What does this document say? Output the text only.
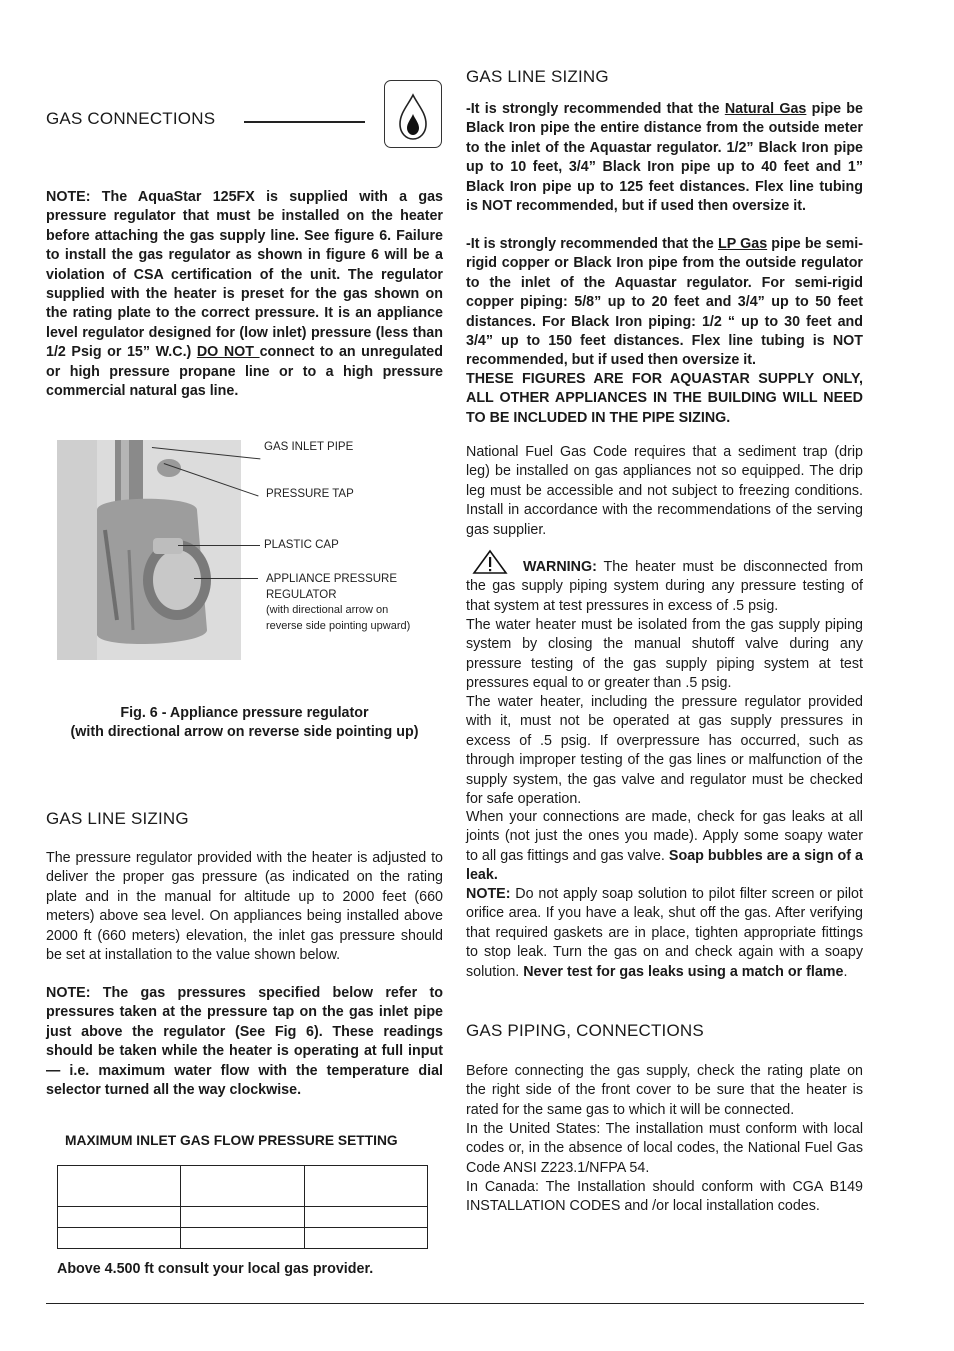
GAS CONNECTIONS

NOTE: The AquaStar 125FX is supplied with a gas pressure regulator that must be installed on the heater before attaching the gas supply line. See figure 6. Failure to install the gas regulator as shown in figure 6 will be a violation of CSA certification of the unit. The regulator supplied with the heater is preset for the gas shown on the rating plate to the correct pressure. It is an appliance level regulator designed for (low inlet) pressure (less than 1/2 Psig or 15” W.C.) DO NOT connect to an unregulated or high pressure propane line or to a high pressure commercial natural gas line.

GAS INLET PIPE
PRESSURE TAP
PLASTIC CAP
APPLIANCE PRESSURE
REGULATOR
(with directional arrow on
reverse side pointing upward)
Fig. 6 - Appliance pressure regulator
(with directional arrow on reverse side pointing up)
GAS LINE SIZING

The pressure regulator provided with the heater is adjusted to deliver the proper gas pressure (as indicated on the rating plate and in the manual for altitude up to 2000 feet (660 meters) above sea level. On appliances being installed above 2000 ft (660 meters) elevation, the inlet gas pressure should be set at installation to the value shown below.

NOTE: The gas pressures specified below refer to pressures taken at the pressure tap on the gas inlet pipe just above the regulator (See Fig 6). These readings should be taken while the heater is operating at full input — i.e. maximum water flow with the temperature dial selector turned all the way clockwise.

MAXIMUM INLET GAS FLOW PRESSURE SETTING

Above 4.500 ft consult your local gas provider.
GAS LINE SIZING

-It is strongly recommended that the Natural Gas pipe be Black Iron pipe the entire distance from the outside meter to the inlet of the Aquastar regulator. 1/2” Black Iron pipe up to 10 feet, 3/4” Black Iron pipe up to 40 feet and 1” Black Iron pipe up to 125 feet distances. Flex line tubing is NOT recommended, but if used then oversize it.

-It is strongly recommended that the LP Gas pipe be semi-rigid copper or Black Iron pipe from the outside regulator to the inlet of the Aquastar regulator. For semi-rigid copper piping: 5/8” up to 20 feet and 3/4” up to 50 feet distances. For Black Iron piping: 1/2 “ up to 30 feet and 3/4” up to 150 feet distances. Flex line tubing is NOT recommended, but if used then oversize it.

THESE FIGURES ARE FOR AQUASTAR SUPPLY ONLY, ALL OTHER APPLIANCES IN THE BUILDING WILL NEED TO BE INCLUDED IN THE PIPE SIZING.

National Fuel Gas Code requires that a sediment trap (drip leg) be installed on gas appliances not so equipped. The drip leg must be accessible and not subject to freezing conditions. Install in accordance with the recommendations of the serving gas supplier.

WARNING: The heater must be disconnected from the gas supply piping system during any pressure testing of that system at test pressures in excess of .5 psig.

The water heater must be isolated from the gas supply piping system by closing the manual shutoff valve during any pressure testing of the gas supply piping system at test pressures equal to or greater than .5 psig.

The water heater, including the pressure regulator provided with it, must not be operated at gas supply pressures in excess of .5 psig. If overpressure has occurred, such as through improper testing of the gas lines or malfunction of the supply system, the gas valve and regulator must be checked for safe operation.

When your connections are made, check for gas leaks at all joints (not just the ones you made). Apply some soapy water to all gas fittings and gas valve. Soap bubbles are a sign of a leak.

NOTE: Do not apply soap solution to pilot filter screen or pilot orifice area. If you have a leak, shut off the gas. After verifying that required gaskets are in place, tighten appropriate fittings to stop leak. Turn the gas on and check again with a soapy solution. Never test for gas leaks using a match or flame.

GAS PIPING, CONNECTIONS

Before connecting the gas supply, check the rating plate on the right side of the front cover to be sure that the heater is rated for the same gas to which it will be connected.

In the United States: The installation must conform with local codes or, in the absence of local codes, the National Fuel Gas Code ANSI Z223.1/NFPA 54.

In Canada: The Installation should conform with CGA B149 INSTALLATION CODES and /or local installation codes.
